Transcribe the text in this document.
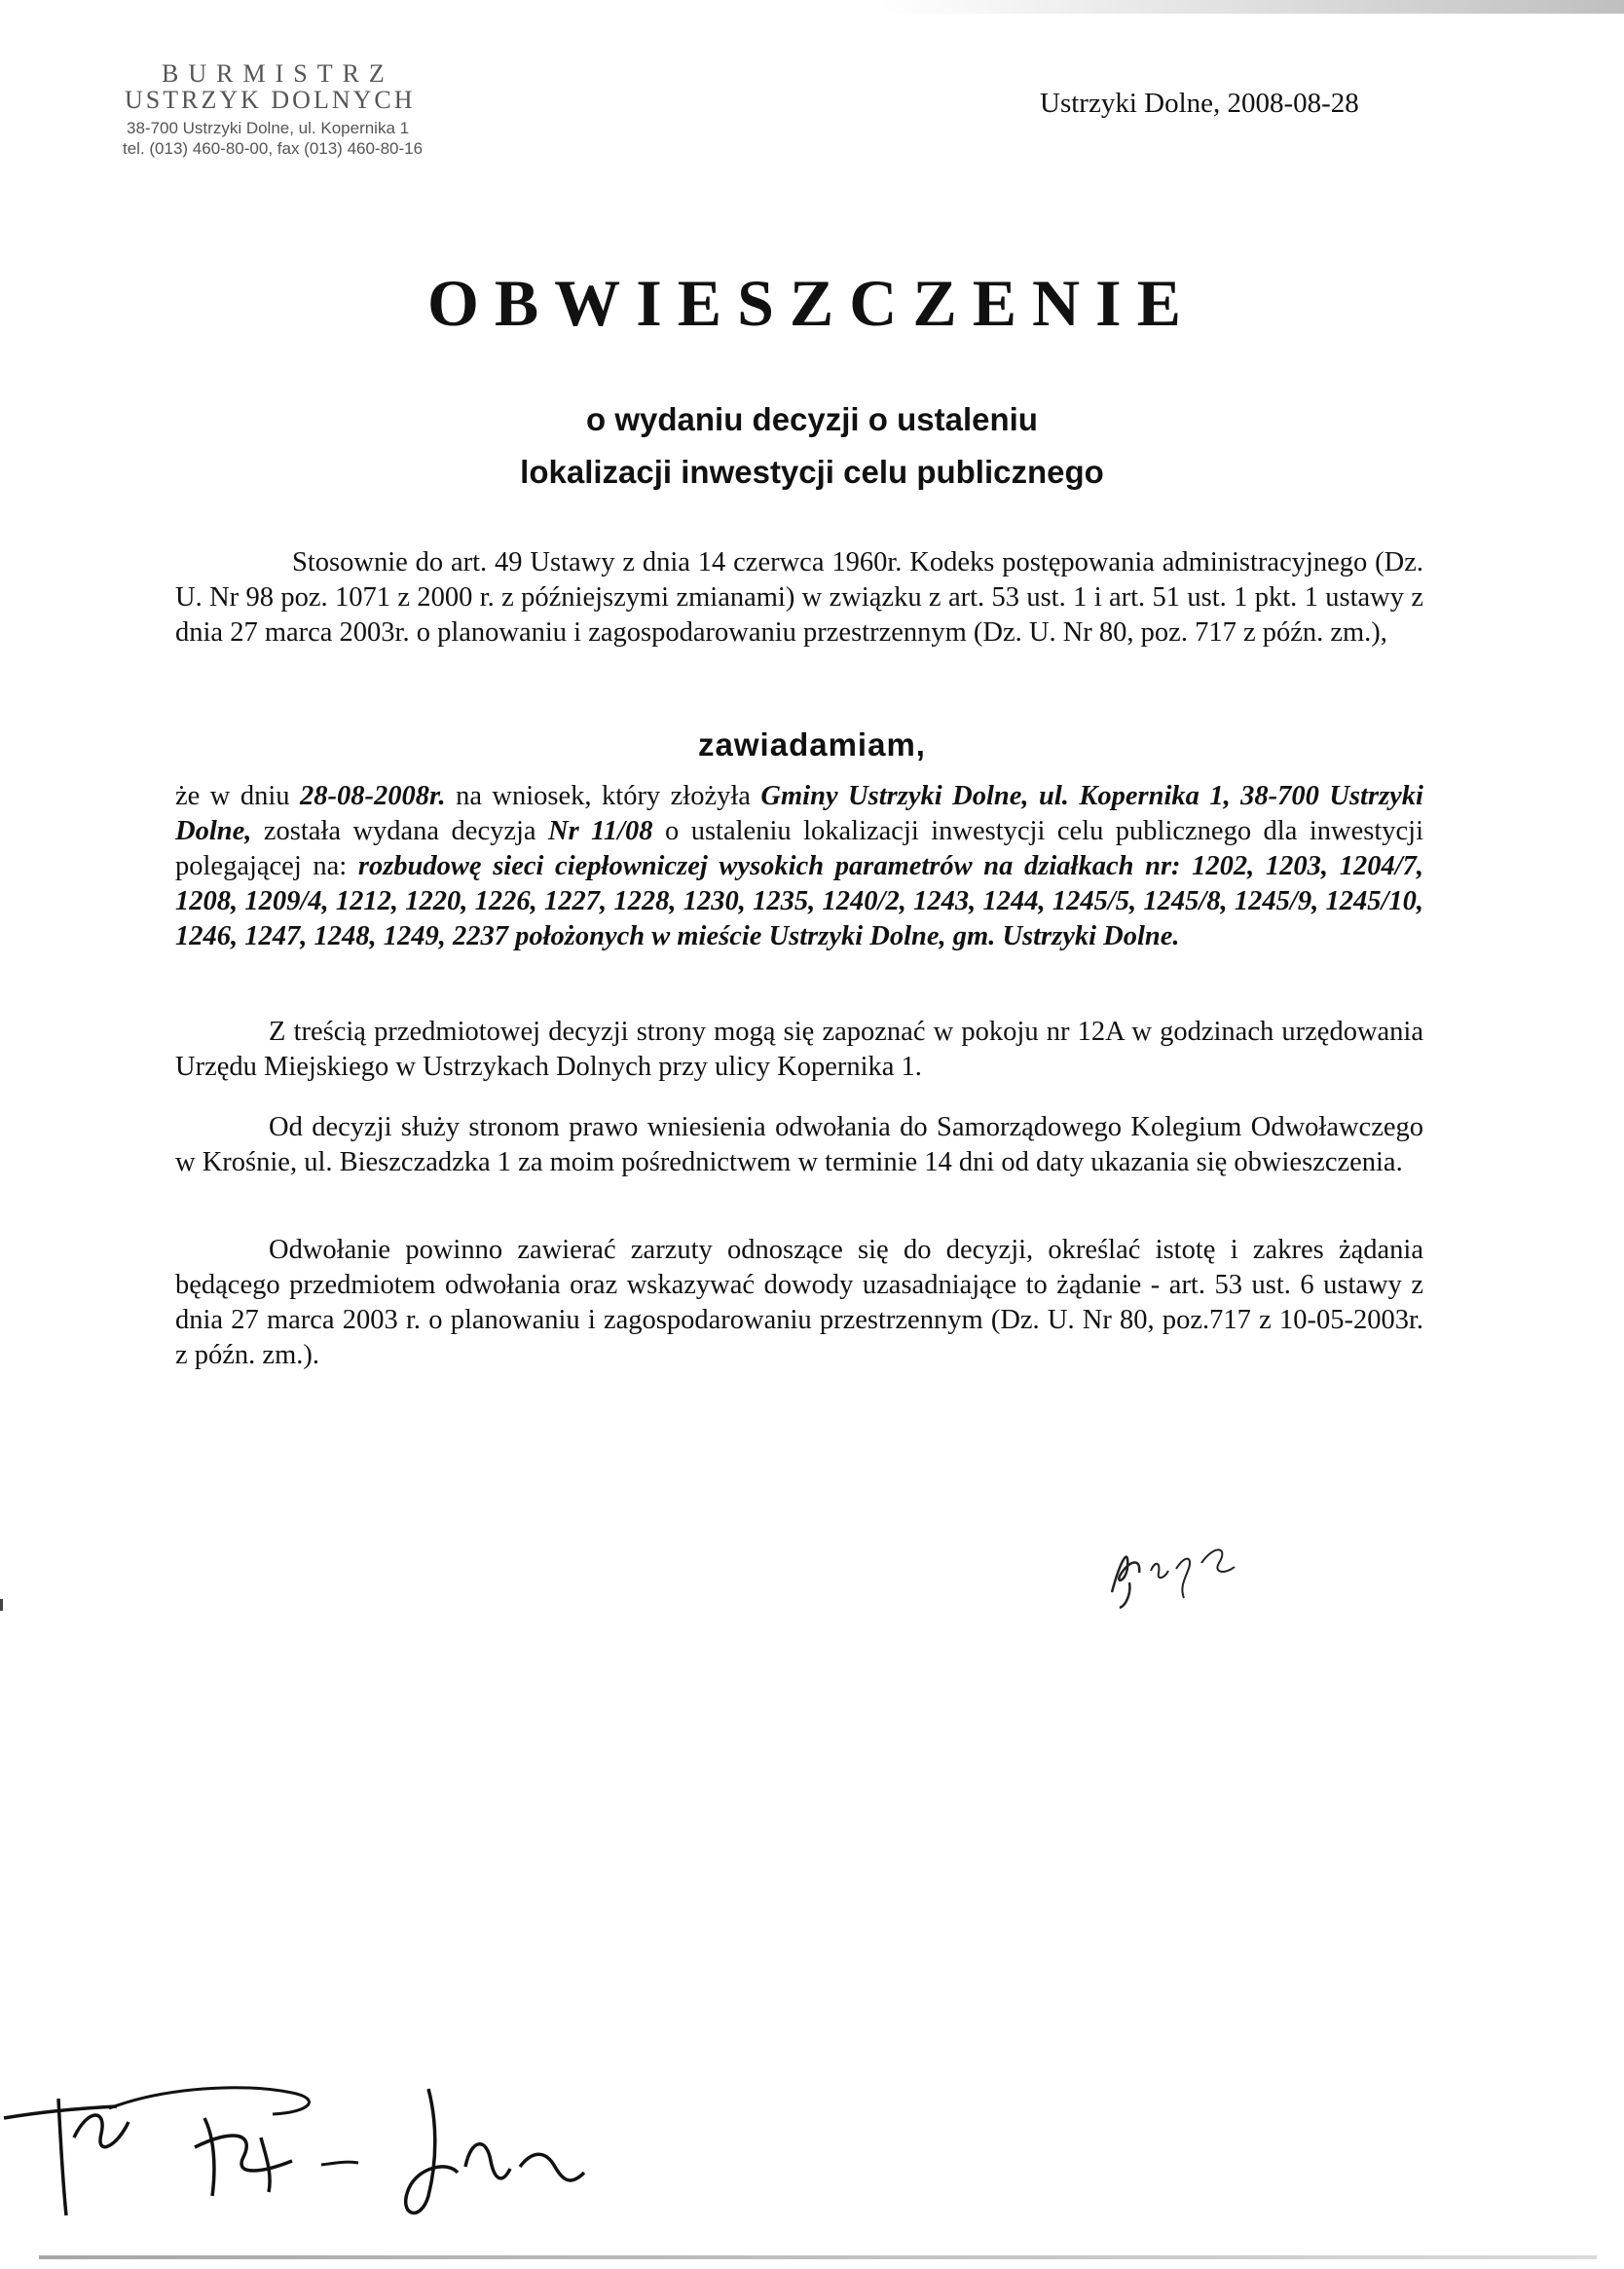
BURMISTRZ
USTRZYK DOLNYCH
38-700 Ustrzyki Dolne, ul. Kopernika 1
tel. (013) 460-80-00, fax (013) 460-80-16
Ustrzyki Dolne, 2008-08-28
OBWIESZCZENIE
o wydaniu decyzji o ustaleniu
lokalizacji inwestycji celu publicznego

Stosownie do art. 49 Ustawy z dnia 14 czerwca 1960r. Kodeks postępowania administracyjnego (Dz. U. Nr 98 poz. 1071 z 2000 r. z późniejszymi zmianami) w związku z art. 53 ust. 1 i art. 51 ust. 1 pkt. 1 ustawy z dnia 27 marca 2003r. o planowaniu i zagospodarowaniu przestrzennym (Dz. U. Nr 80, poz. 717 z późn. zm.),

zawiadamiam,

że w dniu 28-08-2008r. na wniosek, który złożyła Gminy Ustrzyki Dolne, ul. Kopernika 1, 38-700 Ustrzyki Dolne, została wydana decyzja Nr 11/08 o ustaleniu lokalizacji inwestycji celu publicznego dla inwestycji polegającej na: rozbudowę sieci ciepłowniczej wysokich parametrów na działkach nr: 1202, 1203, 1204/7, 1208, 1209/4, 1212, 1220, 1226, 1227, 1228, 1230, 1235, 1240/2, 1243, 1244, 1245/5, 1245/8, 1245/9, 1245/10, 1246, 1247, 1248, 1249, 2237 położonych w mieście Ustrzyki Dolne, gm. Ustrzyki Dolne.

Z treścią przedmiotowej decyzji strony mogą się zapoznać w pokoju nr 12A w godzinach urzędowania Urzędu Miejskiego w Ustrzykach Dolnych przy ulicy Kopernika 1.

Od decyzji służy stronom prawo wniesienia odwołania do Samorządowego Kolegium Odwoławczego w Krośnie, ul. Bieszczadzka 1 za moim pośrednictwem w terminie 14 dni od daty ukazania się obwieszczenia.

Odwołanie powinno zawierać zarzuty odnoszące się do decyzji, określać istotę i zakres żądania będącego przedmiotem odwołania oraz wskazywać dowody uzasadniające to żądanie - art. 53 ust. 6 ustawy z dnia 27 marca 2003 r. o planowaniu i zagospodarowaniu przestrzennym (Dz. U. Nr 80, poz.717 z 10-05-2003r. z późn. zm.).
